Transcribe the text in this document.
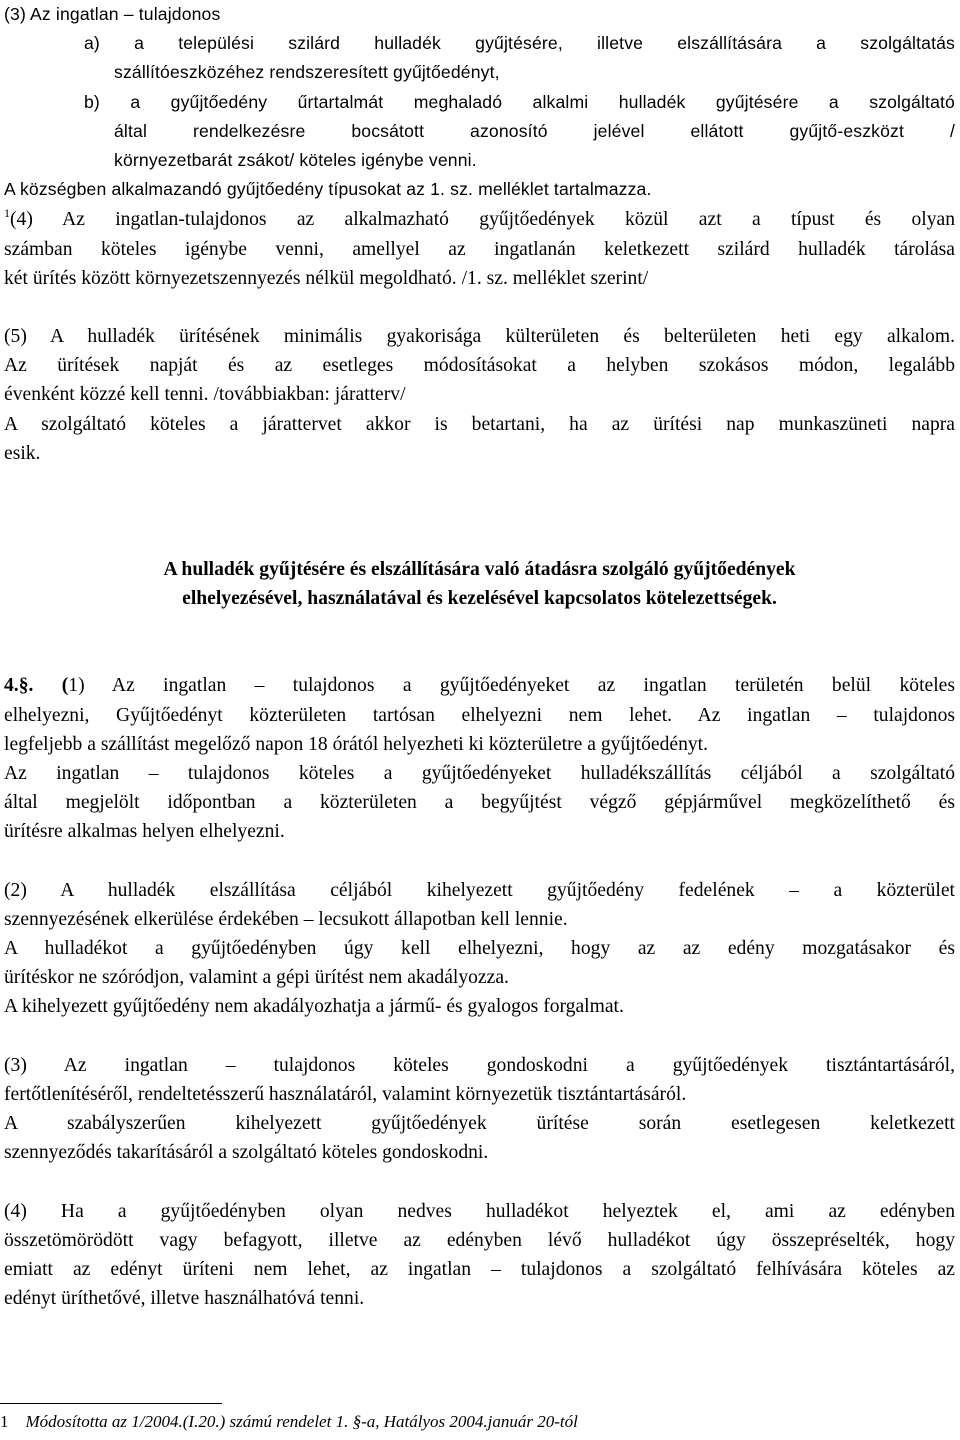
(3) Az ingatlan – tulajdonos

a) a települési szilárd hulladék gyűjtésére, illetve elszállítására a szolgáltatás

szállítóeszközéhez rendszeresített gyűjtőedényt,

b) a gyűjtőedény űrtartalmát meghaladó alkalmi hulladék gyűjtésére a szolgáltató

által rendelkezésre bocsátott azonosító jelével ellátott gyűjtő-eszközt /

környezetbarát zsákot/ köteles igénybe venni.

A községben alkalmazandó gyűjtőedény típusokat az 1. sz. melléklet tartalmazza.

$^1$(4) Az ingatlan-tulajdonos az alkalmazható gyűjtőedények közül azt a típust és olyan

számban köteles igénybe venni, amellyel az ingatlanán keletkezett szilárd hulladék tárolása

két ürítés között környezetszennyezés nélkül megoldható. /1. sz. melléklet szerint/

(5) A hulladék ürítésének minimális gyakorisága külterületen és belterületen heti egy alkalom.

Az ürítések napját és az esetleges módosításokat a helyben szokásos módon, legalább

évenként közzé kell tenni. /továbbiakban: járatterv/

A szolgáltató köteles a járattervet akkor is betartani, ha az ürítési nap munkaszüneti napra

esik.

A hulladék gyűjtésére és elszállítására való átadásra szolgáló gyűjtőedények

elhelyezésével, használatával és kezelésével kapcsolatos kötelezettségek.

4.§. (1) Az ingatlan – tulajdonos a gyűjtőedényeket az ingatlan területén belül köteles

elhelyezni, Gyűjtőedényt közterületen tartósan elhelyezni nem lehet. Az ingatlan – tulajdonos

legfeljebb a szállítást megelőző napon 18 órától helyezheti ki közterületre a gyűjtőedényt.

Az ingatlan – tulajdonos köteles a gyűjtőedényeket hulladékszállítás céljából a szolgáltató

által megjelölt időpontban a közterületen a begyűjtést végző gépjárművel megközelíthető és

ürítésre alkalmas helyen elhelyezni.

(2) A hulladék elszállítása céljából kihelyezett gyűjtőedény fedelének – a közterület

szennyezésének elkerülése érdekében – lecsukott állapotban kell lennie.

A hulladékot a gyűjtőedényben úgy kell elhelyezni, hogy az az edény mozgatásakor és

ürítéskor ne szóródjon, valamint a gépi ürítést nem akadályozza.

A kihelyezett gyűjtőedény nem akadályozhatja a jármű- és gyalogos forgalmat.

(3) Az ingatlan – tulajdonos köteles gondoskodni a gyűjtőedények tisztántartásáról,

fertőtlenítéséről, rendeltetésszerű használatáról, valamint környezetük tisztántartásáról.

A szabályszerűen kihelyezett gyűjtőedények ürítése során esetlegesen keletkezett

szennyeződés takarításáról a szolgáltató köteles gondoskodni.

(4) Ha a gyűjtőedényben olyan nedves hulladékot helyeztek el, ami az edényben

összetömörödött vagy befagyott, illetve az edényben lévő hulladékot úgy összepréselték, hogy

emiatt az edényt üríteni nem lehet, az ingatlan – tulajdonos a szolgáltató felhívására köteles az

edényt üríthetővé, illetve használhatóvá tenni.

1 Módosította az 1/2004.(I.20.) számú rendelet 1. §-a, Hatályos 2004.január 20-tól
